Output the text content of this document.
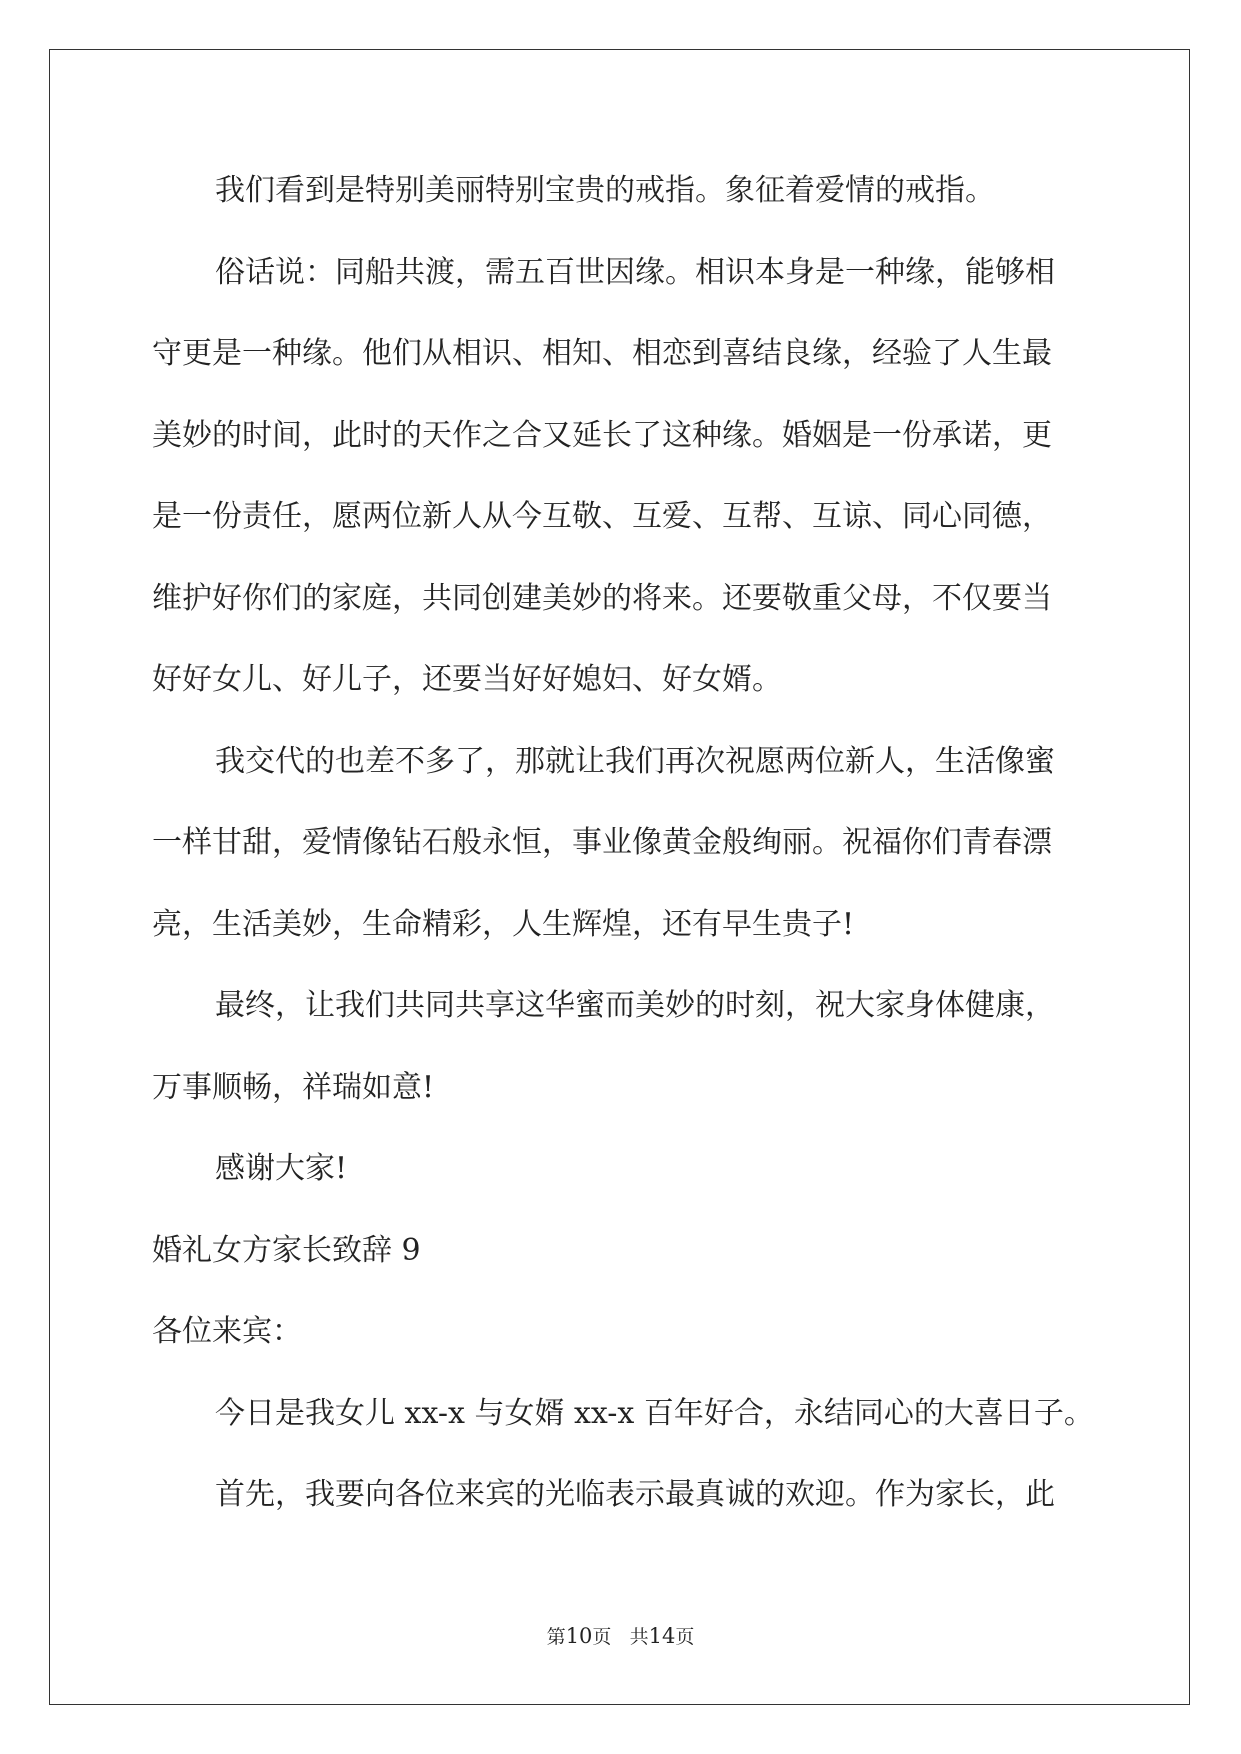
我们看到是特别美丽特别宝贵的戒指。象征着爱情的戒指。

俗话说：同船共渡，需五百世因缘。相识本身是一种缘，能够相

守更是一种缘。他们从相识、相知、相恋到喜结良缘，经验了人生最

美妙的时间，此时的天作之合又延长了这种缘。婚姻是一份承诺，更

是一份责任，愿两位新人从今互敬、互爱、互帮、互谅、同心同德，

维护好你们的家庭，共同创建美妙的将来。还要敬重父母，不仅要当

好好女儿、好儿子，还要当好好媳妇、好女婿。

我交代的也差不多了，那就让我们再次祝愿两位新人，生活像蜜

一样甘甜，爱情像钻石般永恒，事业像黄金般绚丽。祝福你们青春漂

亮，生活美妙，生命精彩，人生辉煌，还有早生贵子!

最终，让我们共同共享这华蜜而美妙的时刻，祝大家身体健康，

万事顺畅，祥瑞如意!

感谢大家!

婚礼女方家长致辞 9

各位来宾：

今日是我女儿 xx-x 与女婿 xx-x 百年好合，永结同心的大喜日子。

首先，我要向各位来宾的光临表示最真诚的欢迎。作为家长，此

第10页 共14页
